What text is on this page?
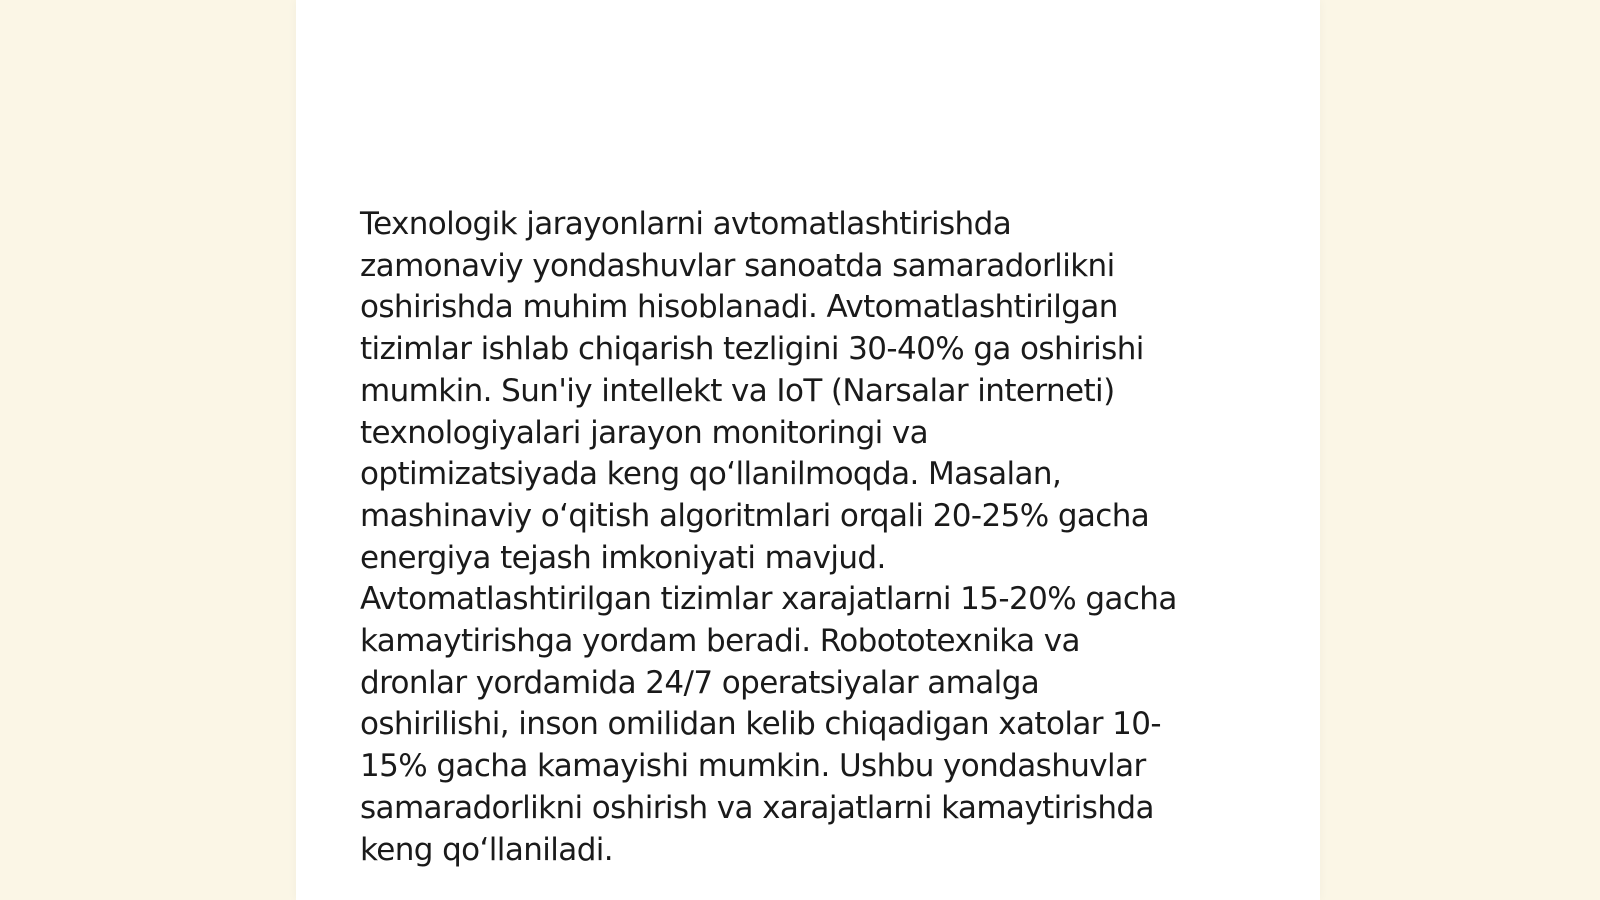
Texnologik jarayonlarni avtomatlashtirishda
zamonaviy yondashuvlar sanoatda samaradorlikni
oshirishda muhim hisoblanadi. Avtomatlashtirilgan
tizimlar ishlab chiqarish tezligini 30-40% ga oshirishi
mumkin. Sun'iy intellekt va IoT (Narsalar interneti)
texnologiyalari jarayon monitoringi va
optimizatsiyada keng qo‘llanilmoqda. Masalan,
mashinaviy o‘qitish algoritmlari orqali 20-25% gacha
energiya tejash imkoniyati mavjud.
Avtomatlashtirilgan tizimlar xarajatlarni 15-20% gacha
kamaytirishga yordam beradi. Robototexnika va
dronlar yordamida 24/7 operatsiyalar amalga
oshirilishi, inson omilidan kelib chiqadigan xatolar 10-
15% gacha kamayishi mumkin. Ushbu yondashuvlar
samaradorlikni oshirish va xarajatlarni kamaytirishda
keng qo‘llaniladi.
